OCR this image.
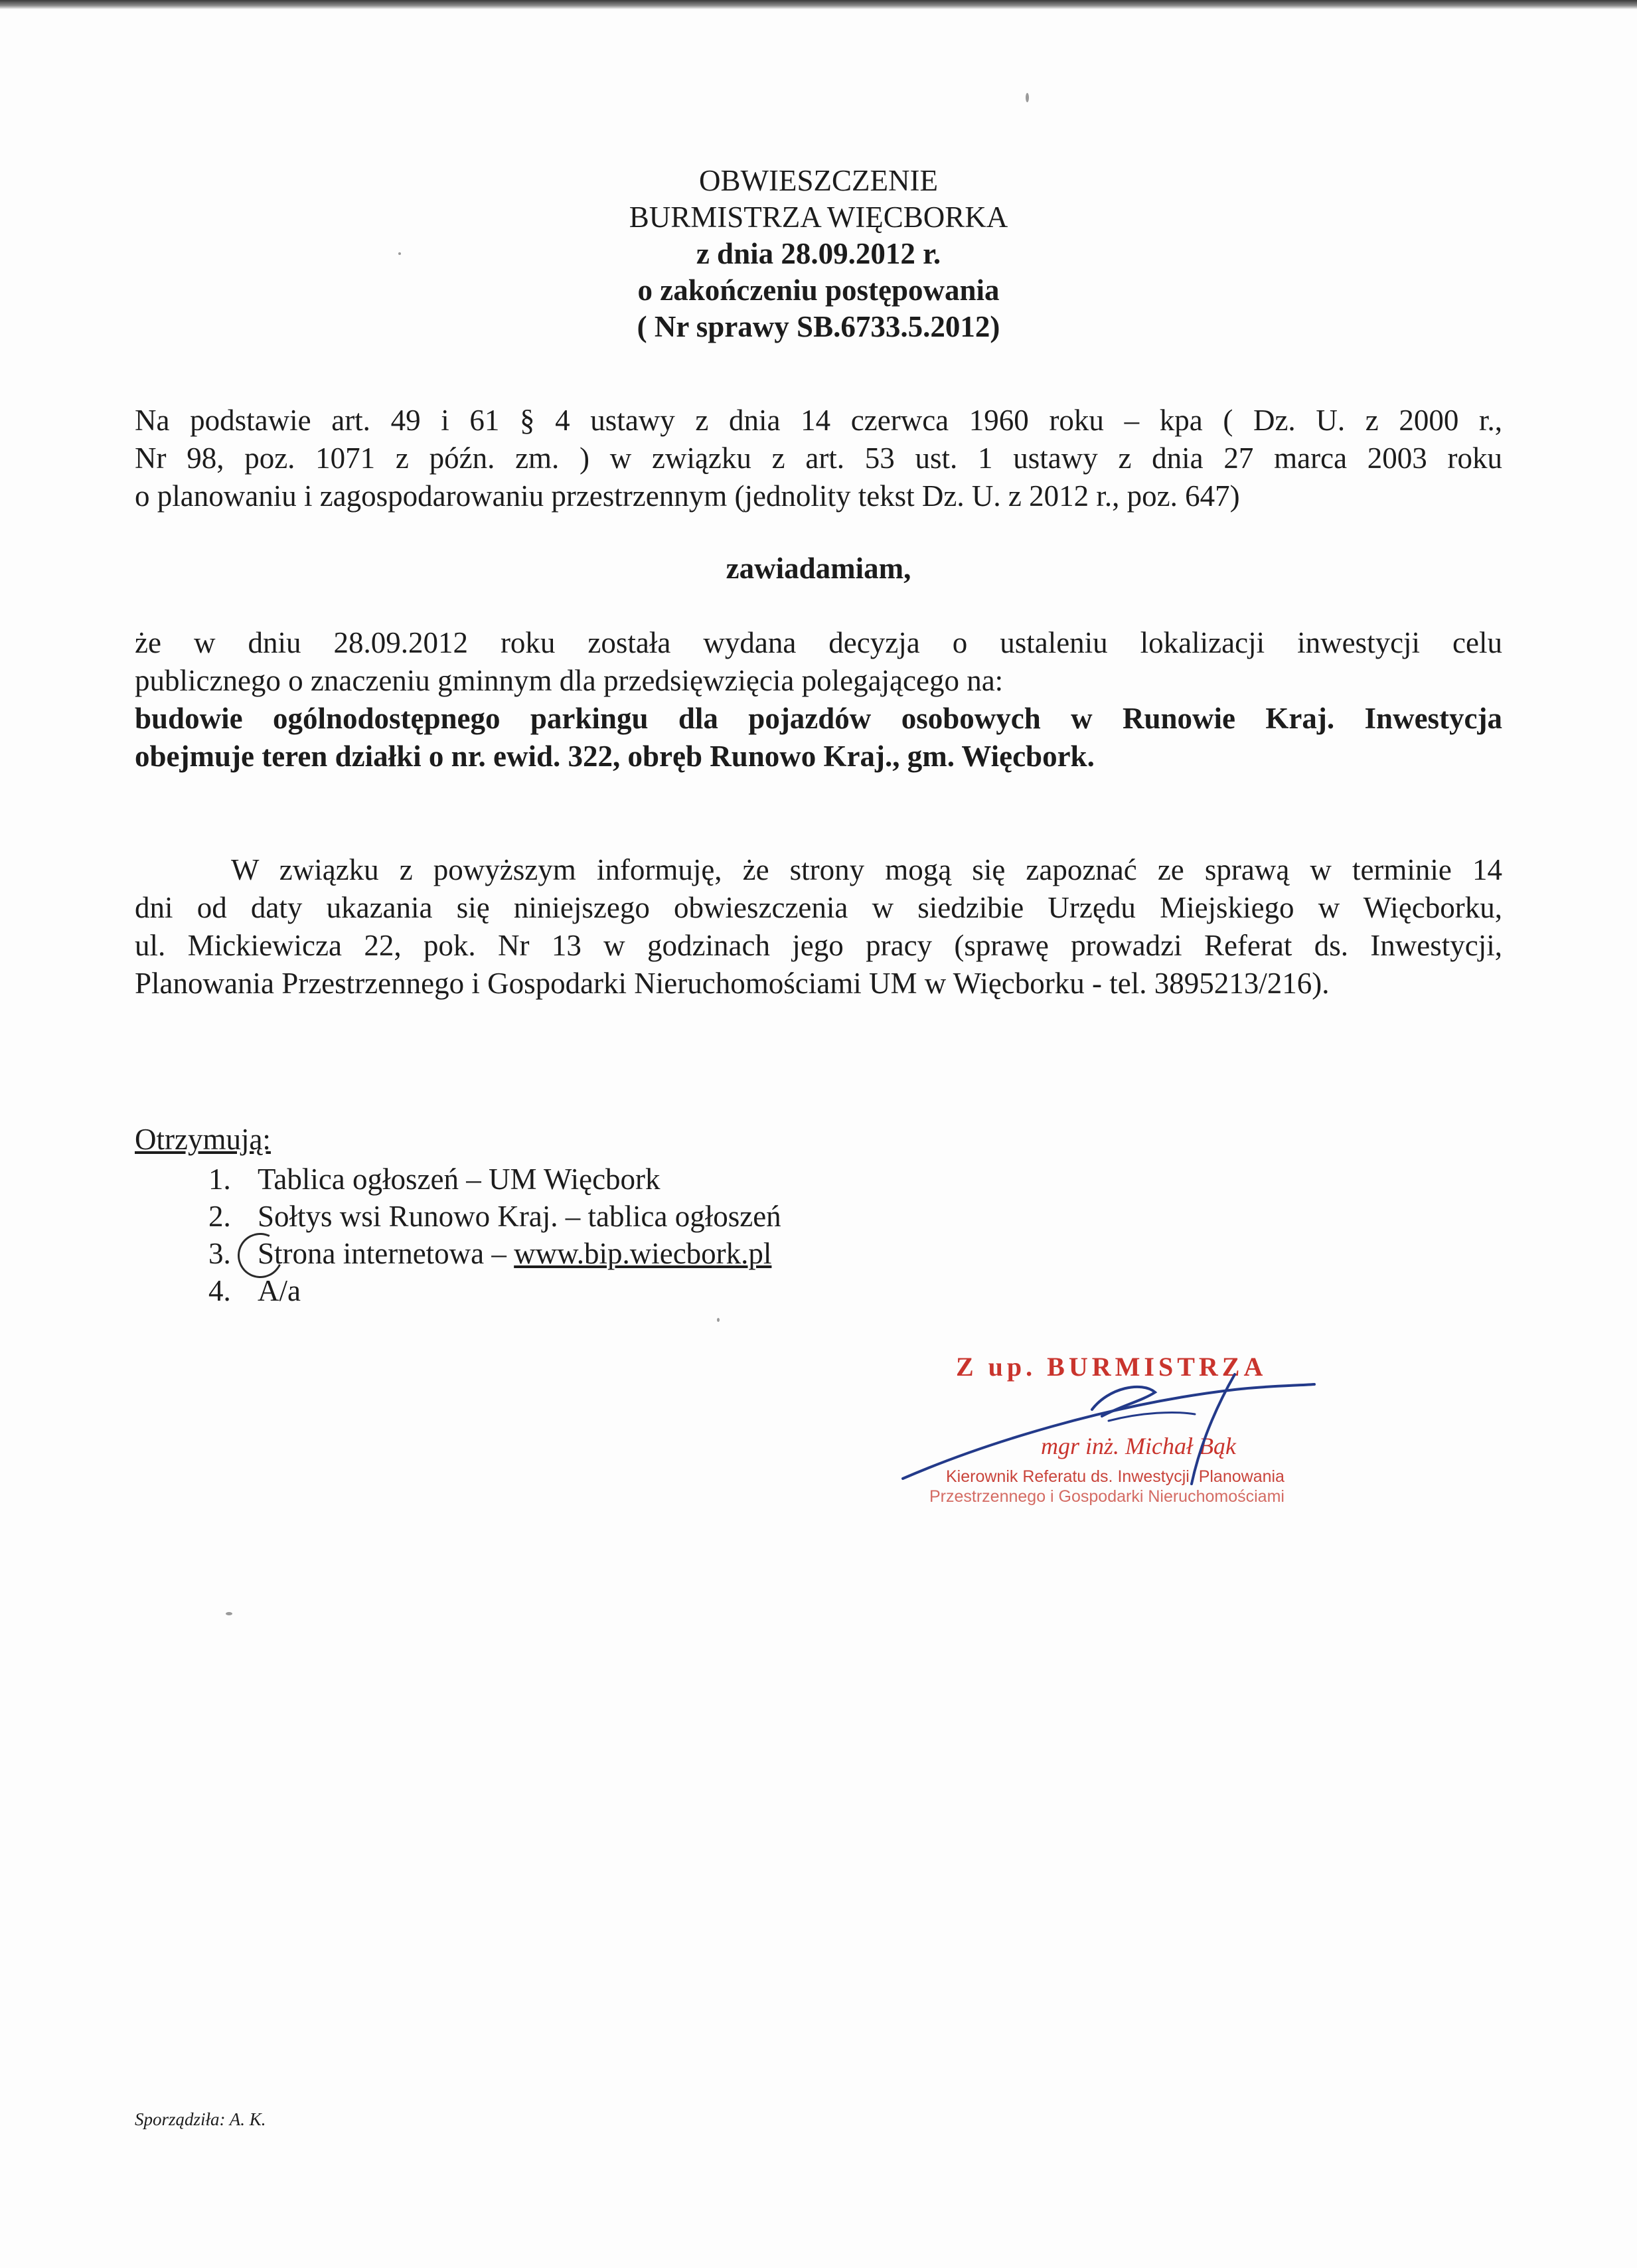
OBWIESZCZENIE
BURMISTRZA WIĘCBORKA
z dnia 28.09.2012 r.
o zakończeniu postępowania
( Nr sprawy SB.6733.5.2012)
Na podstawie art. 49 i 61 § 4 ustawy z dnia 14 czerwca 1960 roku – kpa ( Dz. U. z 2000 r.,
Nr 98, poz. 1071 z późn. zm. ) w związku z art. 53 ust. 1 ustawy z dnia 27 marca 2003 roku
o planowaniu i zagospodarowaniu przestrzennym (jednolity tekst Dz. U. z 2012 r., poz. 647)
zawiadamiam,
że w dniu 28.09.2012 roku została wydana decyzja o ustaleniu lokalizacji inwestycji celu
publicznego o znaczeniu gminnym dla przedsięwzięcia polegającego na:
budowie ogólnodostępnego parkingu dla pojazdów osobowych w Runowie Kraj. Inwestycja
obejmuje teren działki o nr. ewid. 322, obręb Runowo Kraj., gm. Więcbork.
W związku z powyższym informuję, że strony mogą się zapoznać ze sprawą w terminie 14
dni od daty ukazania się niniejszego obwieszczenia w siedzibie Urzędu Miejskiego w Więcborku,
ul. Mickiewicza 22, pok. Nr 13 w godzinach jego pracy (sprawę prowadzi Referat ds. Inwestycji,
Planowania Przestrzennego i Gospodarki Nieruchomościami UM w Więcborku - tel. 3895213/216).
Otrzymują:
1. Tablica ogłoszeń – UM Więcbork
2. Sołtys wsi Runowo Kraj. – tablica ogłoszeń
3. Strona internetowa – www.bip.wiecbork.pl
4. A/a
Z up. BURMISTRZA
mgr inż. Michał Bąk
Kierownik Referatu ds. Inwestycji, Planowania
Przestrzennego i Gospodarki Nieruchomościami
Sporządziła: A. K.
